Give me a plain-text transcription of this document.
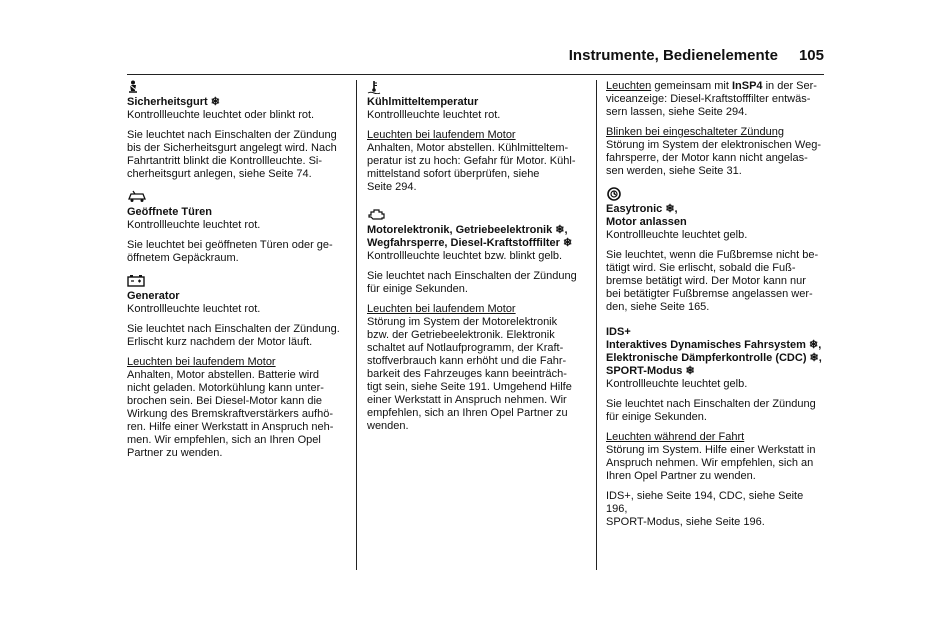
Instrumente, Bedienelemente 105
Sicherheitsgurt ❄
Kontrollleuchte leuchtet oder blinkt rot.
Sie leuchtet nach Einschalten der Zündung
bis der Sicherheitsgurt angelegt wird. Nach
Fahrtantritt blinkt die Kontrollleuchte. Si-
cherheitsgurt anlegen, siehe Seite 74.
Geöffnete Türen
Kontrollleuchte leuchtet rot.
Sie leuchtet bei geöffneten Türen oder ge-
öffnetem Gepäckraum.
Generator
Kontrollleuchte leuchtet rot.
Sie leuchtet nach Einschalten der Zündung.
Erlischt kurz nachdem der Motor läuft.
Leuchten bei laufendem Motor
Anhalten, Motor abstellen. Batterie wird
nicht geladen. Motorkühlung kann unter-
brochen sein. Bei Diesel-Motor kann die
Wirkung des Bremskraftverstärkers aufhö-
ren. Hilfe einer Werkstatt in Anspruch neh-
men. Wir empfehlen, sich an Ihren Opel
Partner zu wenden.
Kühlmitteltemperatur
Kontrollleuchte leuchtet rot.
Leuchten bei laufendem Motor
Anhalten, Motor abstellen. Kühlmitteltem-
peratur ist zu hoch: Gefahr für Motor. Kühl-
mittelstand sofort überprüfen, siehe
Seite 294.
Motorelektronik, Getriebeelektronik ❄,
Wegfahrsperre, Diesel-Kraftstofffilter ❄
Kontrollleuchte leuchtet bzw. blinkt gelb.
Sie leuchtet nach Einschalten der Zündung
für einige Sekunden.
Leuchten bei laufendem Motor
Störung im System der Motorelektronik
bzw. der Getriebeelektronik. Elektronik
schaltet auf Notlaufprogramm, der Kraft-
stoffverbrauch kann erhöht und die Fahr-
barkeit des Fahrzeuges kann beeinträch-
tigt sein, siehe Seite 191. Umgehend Hilfe
einer Werkstatt in Anspruch nehmen. Wir
empfehlen, sich an Ihren Opel Partner zu
wenden.
Leuchten gemeinsam mit InSP4 in der Ser-
viceanzeige: Diesel-Kraftstofffilter entwäs-
sern lassen, siehe Seite 294.
Blinken bei eingeschalteter Zündung
Störung im System der elektronischen Weg-
fahrsperre, der Motor kann nicht angelas-
sen werden, siehe Seite 31.
Easytronic ❄,
Motor anlassen
Kontrollleuchte leuchtet gelb.
Sie leuchtet, wenn die Fußbremse nicht be-
tätigt wird. Sie erlischt, sobald die Fuß-
bremse betätigt wird. Der Motor kann nur
bei betätigter Fußbremse angelassen wer-
den, siehe Seite 165.
IDS+
Interaktives Dynamisches Fahrsystem ❄,
Elektronische Dämpferkontrolle (CDC) ❄,
SPORT-Modus ❄
Kontrollleuchte leuchtet gelb.
Sie leuchtet nach Einschalten der Zündung
für einige Sekunden.
Leuchten während der Fahrt
Störung im System. Hilfe einer Werkstatt in
Anspruch nehmen. Wir empfehlen, sich an
Ihren Opel Partner zu wenden.
IDS+, siehe Seite 194, CDC, siehe Seite 196,
SPORT-Modus, siehe Seite 196.
